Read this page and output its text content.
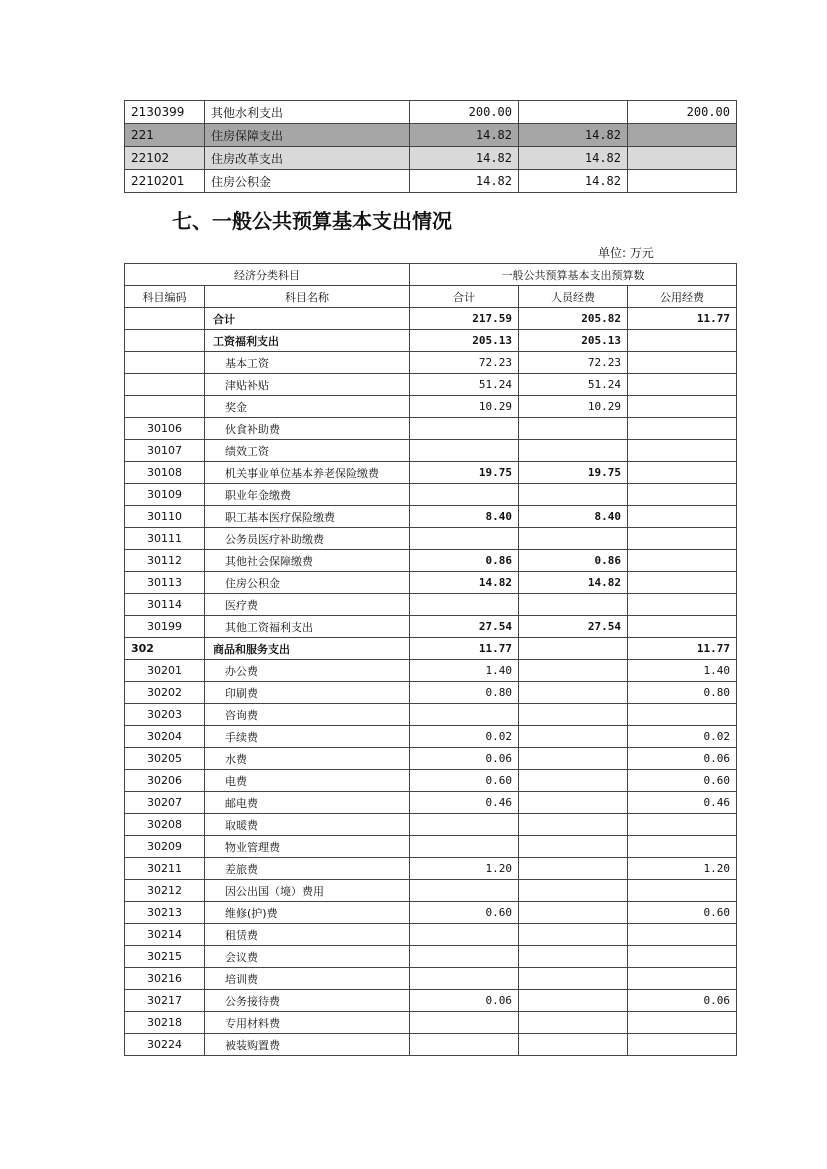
2130399	其他水利支出	200.00		200.00
221	住房保障支出	14.82	14.82	
22102	住房改革支出	14.82	14.82	
2210201	住房公积金	14.82	14.82	
七、一般公共预算基本支出情况
单位: 万元
经济分类科目		一般公共预算基本支出预算数		
科目编码	科目名称	合计	人员经费	公用经费
	合计	217.59	205.82	11.77
	工资福利支出	205.13	205.13	
	基本工资	72.23	72.23	
	津贴补贴	51.24	51.24	
	奖金	10.29	10.29	
30106	伙食补助费			
30107	绩效工资			
30108	机关事业单位基本养老保险缴费	19.75	19.75	
30109	职业年金缴费			
30110	职工基本医疗保险缴费	8.40	8.40	
30111	公务员医疗补助缴费			
30112	其他社会保障缴费	0.86	0.86	
30113	住房公积金	14.82	14.82	
30114	医疗费			
30199	其他工资福利支出	27.54	27.54	
302	商品和服务支出	11.77		11.77
30201	办公费	1.40		1.40
30202	印刷费	0.80		0.80
30203	咨询费			
30204	手续费	0.02		0.02
30205	水费	0.06		0.06
30206	电费	0.60		0.60
30207	邮电费	0.46		0.46
30208	取暖费			
30209	物业管理费			
30211	差旅费	1.20		1.20
30212	因公出国（境）费用			
30213	维修(护)费	0.60		0.60
30214	租赁费			
30215	会议费			
30216	培训费			
30217	公务接待费	0.06		0.06
30218	专用材料费			
30224	被装购置费			
